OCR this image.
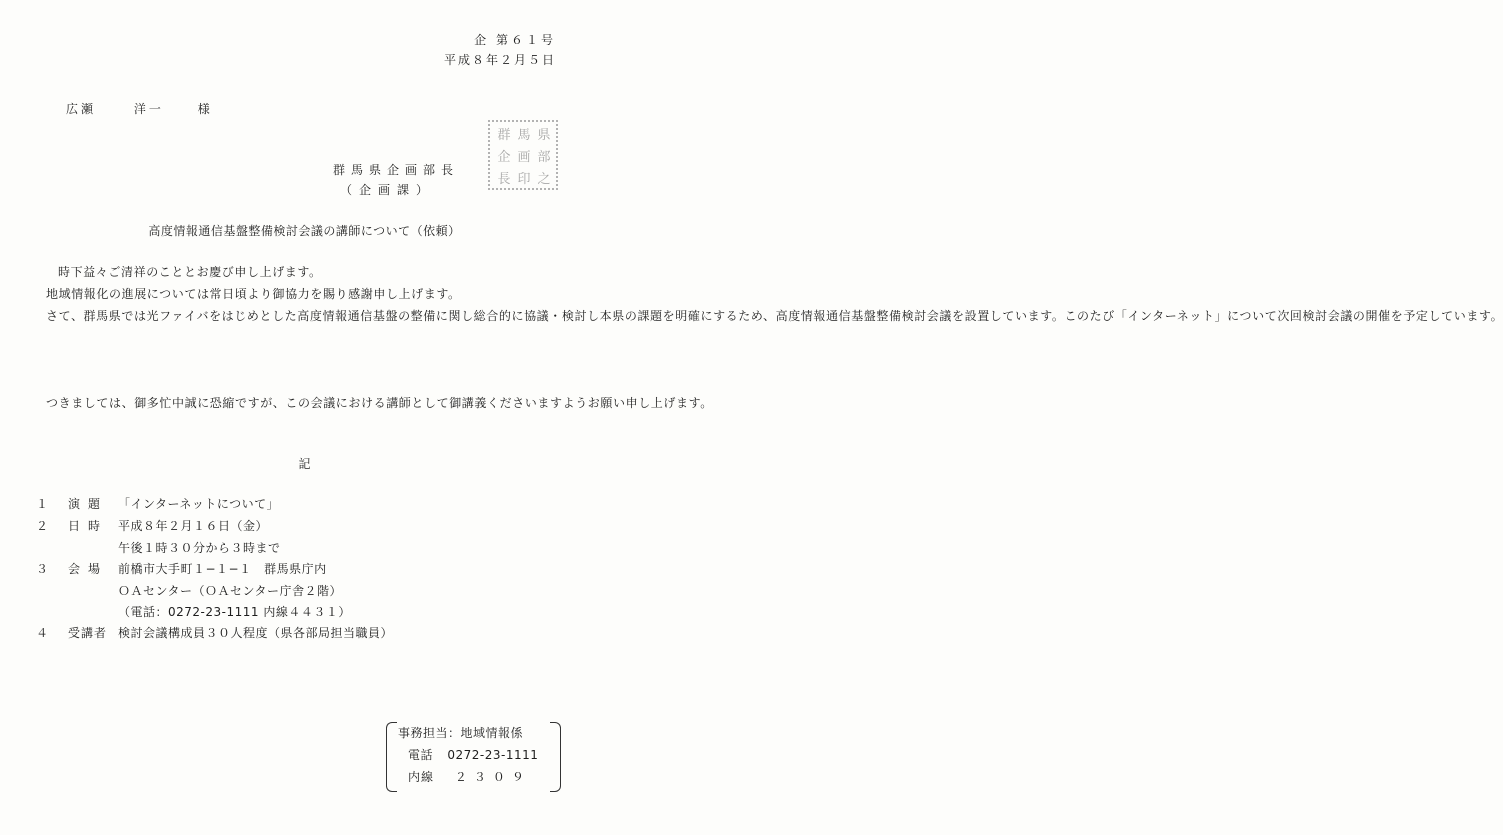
企 第６１号
平成８年２月５日
広瀬	洋一	様
群 馬 県
企 画 部
長 印 之
群馬県企画部長
（企画課）
高度情報通信基盤整備検討会議の講師について（依頼）

時下益々ご清祥のこととお慶び申し上げます。

地域情報化の進展については常日頃より御協力を賜り感謝申し上げます。

さて、群馬県では光ファイバをはじめとした高度情報通信基盤の整備に関し総合的に協議・検討し本県の課題を明確にするため、高度情報通信基盤整備検討会議を設置しています。このたび「インターネット」について次回検討会議の開催を予定しています。

つきましては、御多忙中誠に恐縮ですが、この会議における講師として御講義くださいますようお願い申し上げます。

記
１ 演題 「インターネットについて」
２ 日時 平成８年２月１６日（金）
午後１時３０分から３時まで
３ 会場 前橋市大手町１−１−１　群馬県庁内
ＯＡセンター（ＯＡセンター庁舎２階）
（電話：0272-23-1111 内線４４３１）
４ 受講者 検討会議構成員３０人程度（県各部局担当職員）
事務担当：地域情報係
電話 0272-23-1111
内線 ２３０９
